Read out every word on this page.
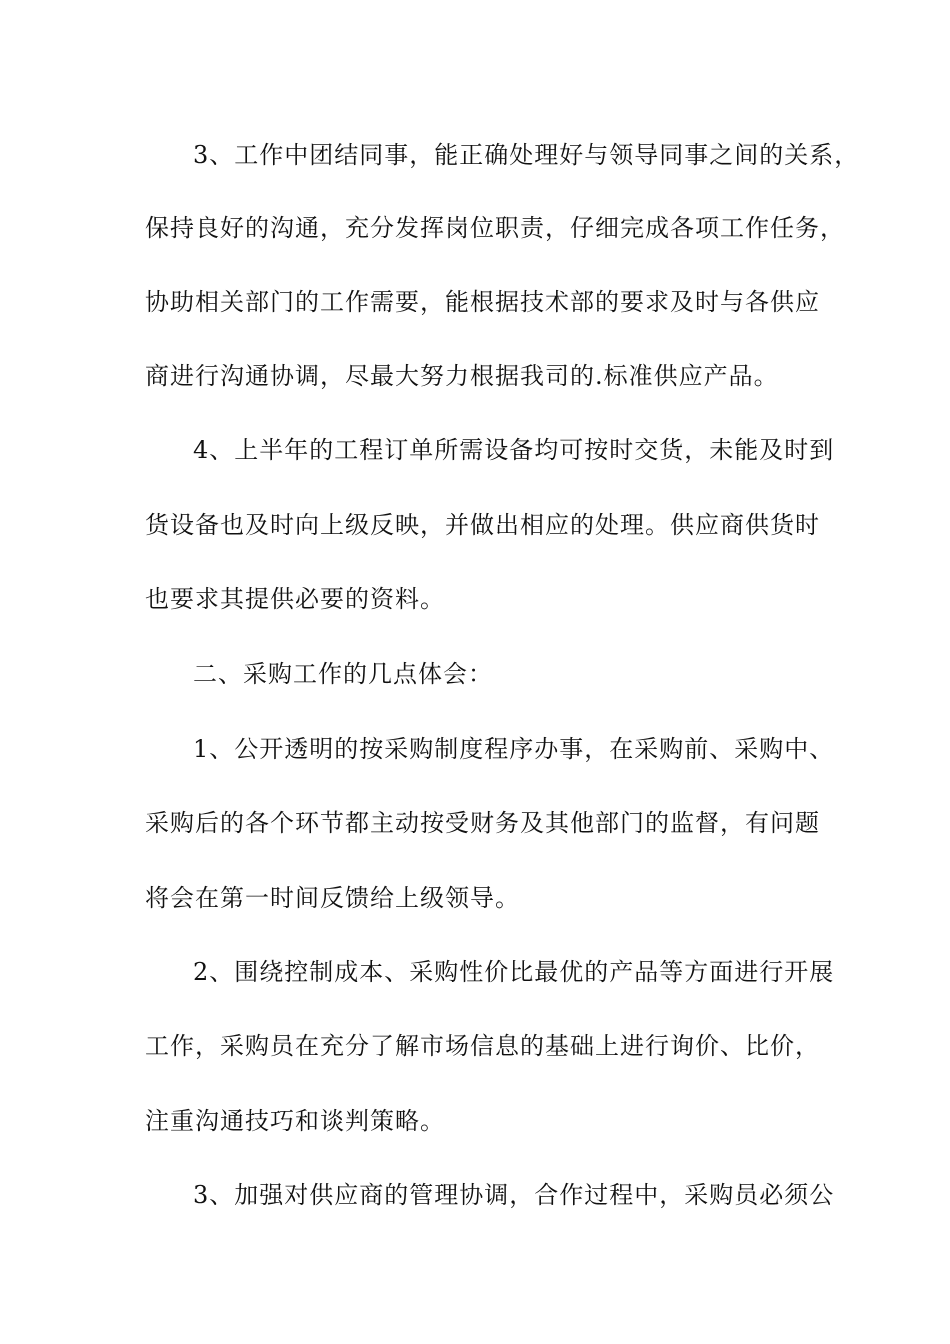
3、工作中团结同事，能正确处理好与领导同事之间的关系，
保持良好的沟通，充分发挥岗位职责，仔细完成各项工作任务，
协助相关部门的工作需要，能根据技术部的要求及时与各供应
商进行沟通协调，尽最大努力根据我司的.标准供应产品。
4、上半年的工程订单所需设备均可按时交货，未能及时到
货设备也及时向上级反映，并做出相应的处理。供应商供货时
也要求其提供必要的资料。
二、采购工作的几点体会：
1、公开透明的按采购制度程序办事，在采购前、采购中、
采购后的各个环节都主动按受财务及其他部门的监督，有问题
将会在第一时间反馈给上级领导。
2、围绕控制成本、采购性价比最优的产品等方面进行开展
工作，采购员在充分了解市场信息的基础上进行询价、比价，
注重沟通技巧和谈判策略。
3、加强对供应商的管理协调，合作过程中，采购员必须公
